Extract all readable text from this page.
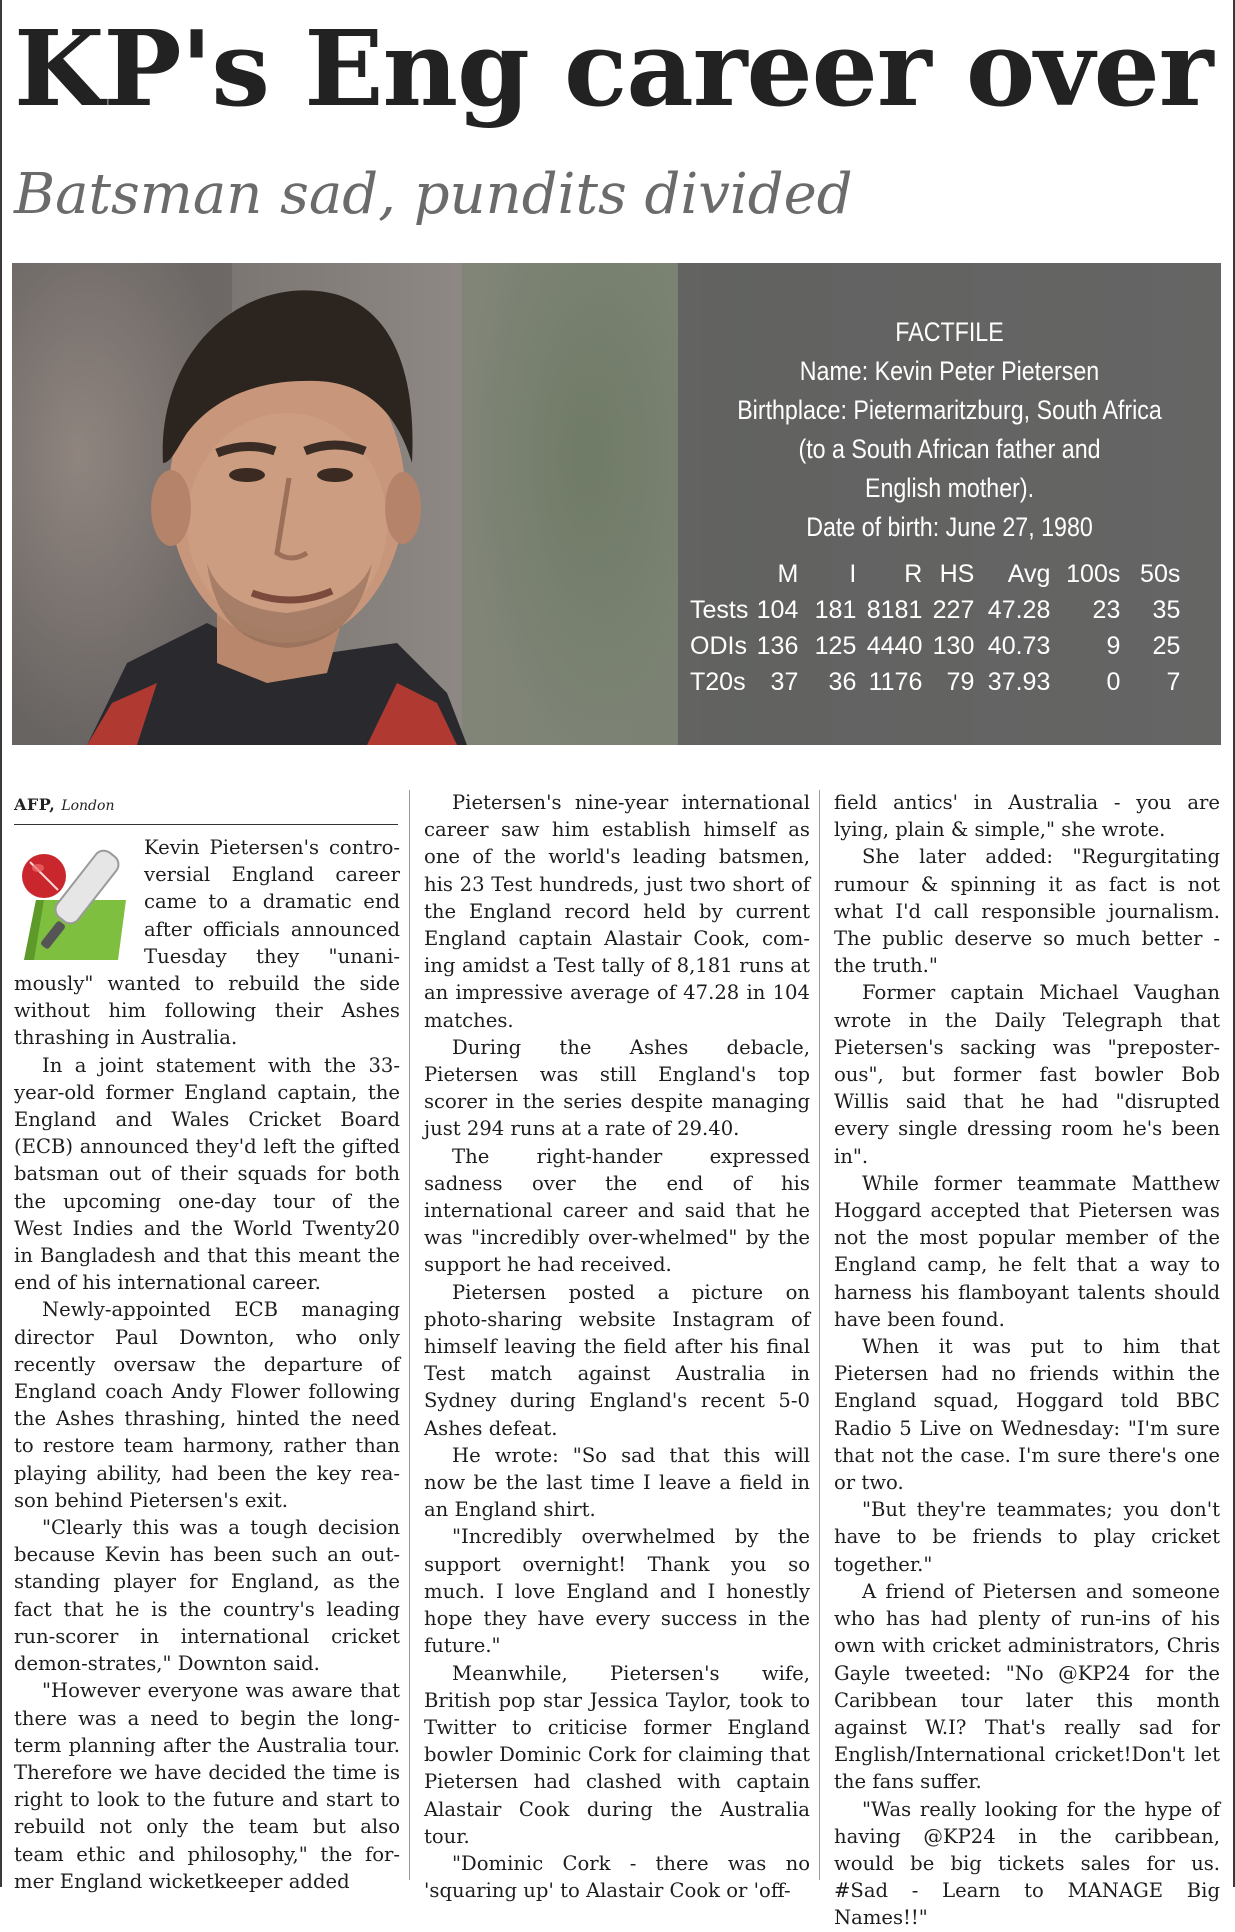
KP's Eng career over
Batsman sad, pundits divided
FACTFILE
Name: Kevin Peter Pietersen
Birthplace: Pietermaritzburg, South Africa
(to a South African father and
English mother).
Date of birth: June 27, 1980
	M	I	R	HS	Avg	100s	50s
Tests	104	181	8181	227	47.28	23	35
ODIs	136	125	4440	130	40.73	9	25
T20s	37	36	1176	79	37.93	0	7
AFP, London

Kevin Pietersen's contro-versial England career came to a dramatic end after officials announced Tuesday they "unani-mously" wanted to rebuild the side without him following their Ashes thrashing in Australia.

In a joint statement with the 33-year-old former England captain, the England and Wales Cricket Board (ECB) announced they'd left the gifted batsman out of their squads for both the upcoming one-day tour of the West Indies and the World Twenty20 in Bangladesh and that this meant the end of his international career.

Newly-appointed ECB managing director Paul Downton, who only recently oversaw the departure of England coach Andy Flower following the Ashes thrashing, hinted the need to restore team harmony, rather than playing ability, had been the key rea-son behind Pietersen's exit.

"Clearly this was a tough decision because Kevin has been such an out-standing player for England, as the fact that he is the country's leading run-scorer in international cricket demon-strates," Downton said.

"However everyone was aware that there was a need to begin the long-term planning after the Australia tour. Therefore we have decided the time is right to look to the future and start to rebuild not only the team but also team ethic and philosophy," the for-mer England wicketkeeper added

Pietersen's nine-year international career saw him establish himself as one of the world's leading batsmen, his 23 Test hundreds, just two short of the England record held by current England captain Alastair Cook, com-ing amidst a Test tally of 8,181 runs at an impressive average of 47.28 in 104 matches.

During the Ashes debacle, Pietersen was still England's top scorer in the series despite managing just 294 runs at a rate of 29.40.

The right-hander expressed sadness over the end of his international career and said that he was "incredibly over-whelmed" by the support he had received.

Pietersen posted a picture on photo-sharing website Instagram of himself leaving the field after his final Test match against Australia in Sydney during England's recent 5-0 Ashes defeat.

He wrote: "So sad that this will now be the last time I leave a field in an England shirt.

"Incredibly overwhelmed by the support overnight! Thank you so much. I love England and I honestly hope they have every success in the future."

Meanwhile, Pietersen's wife, British pop star Jessica Taylor, took to Twitter to criticise former England bowler Dominic Cork for claiming that Pietersen had clashed with captain Alastair Cook during the Australia tour.

"Dominic Cork - there was no 'squaring up' to Alastair Cook or 'off-

field antics' in Australia - you are lying, plain & simple," she wrote.

She later added: "Regurgitating rumour & spinning it as fact is not what I'd call responsible journalism. The public deserve so much better - the truth."

Former captain Michael Vaughan wrote in the Daily Telegraph that Pietersen's sacking was "preposter-ous", but former fast bowler Bob Willis said that he had "disrupted every single dressing room he's been in".

While former teammate Matthew Hoggard accepted that Pietersen was not the most popular member of the England camp, he felt that a way to harness his flamboyant talents should have been found.

When it was put to him that Pietersen had no friends within the England squad, Hoggard told BBC Radio 5 Live on Wednesday: "I'm sure that not the case. I'm sure there's one or two.

"But they're teammates; you don't have to be friends to play cricket together."

A friend of Pietersen and someone who has had plenty of run-ins of his own with cricket administrators, Chris Gayle tweeted: "No @KP24 for the Caribbean tour later this month against W.I? That's really sad for English/International cricket!Don't let the fans suffer.

"Was really looking for the hype of having @KP24 in the caribbean, would be big tickets sales for us. #Sad - Learn to MANAGE Big Names!!"
